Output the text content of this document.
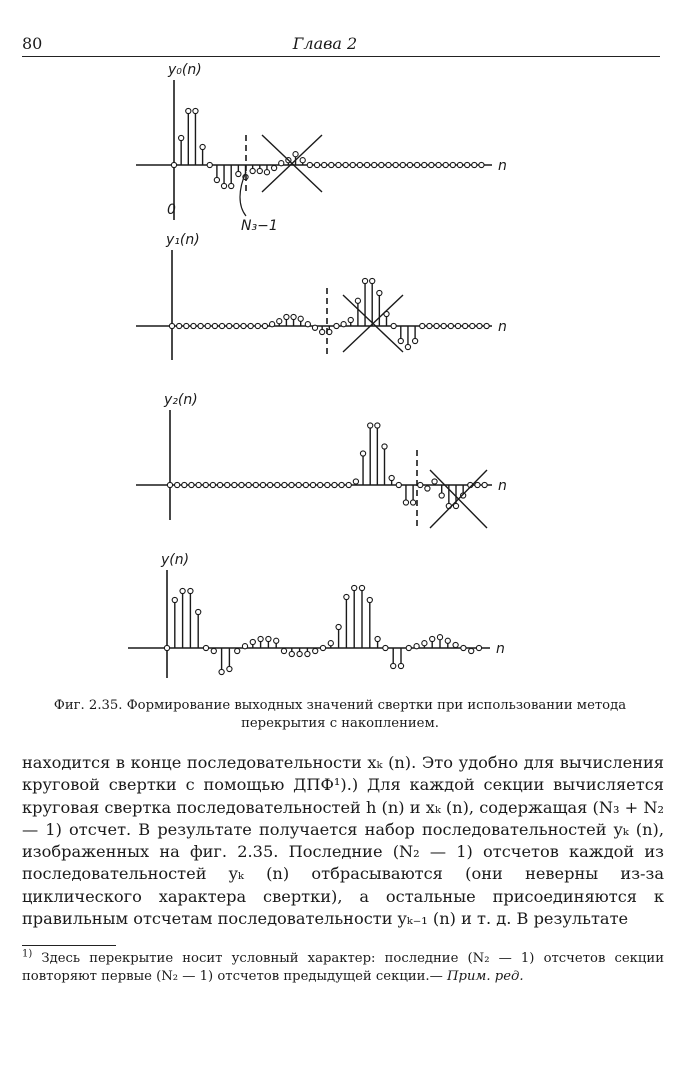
80	Глава 2
y₀(n)
n
y₁(n)
n
y₂(n)
n
y(n)
n
0
N₃−1
Фиг. 2.35. Формирование выходных значений свертки при использовании метода перекрытия с накоплением.

находится в конце последовательности xₖ (n). Это удобно для вычисления круговой свертки с помощью ДПФ¹).) Для каждой секции вычисляется круговая свертка последовательностей h (n) и xₖ (n), содержащая (N₃ + N₂ — 1) отсчет. В результате получается набор последовательностей yₖ (n), изображенных на фиг. 2.35. Последние (N₂ — 1) отсчетов каждой из последовательностей yₖ (n) отбрасываются (они неверны из-за циклического характера свертки), а остальные присоединяются к правильным отсчетам последовательности yₖ₋₁ (n) и т. д. В результате

$^{1)}$ Здесь перекрытие носит условный характер: последние (N₂ — 1) отсчетов секции повторяют первые (N₂ — 1) отсчетов предыдущей секции.— Прим. ред.
